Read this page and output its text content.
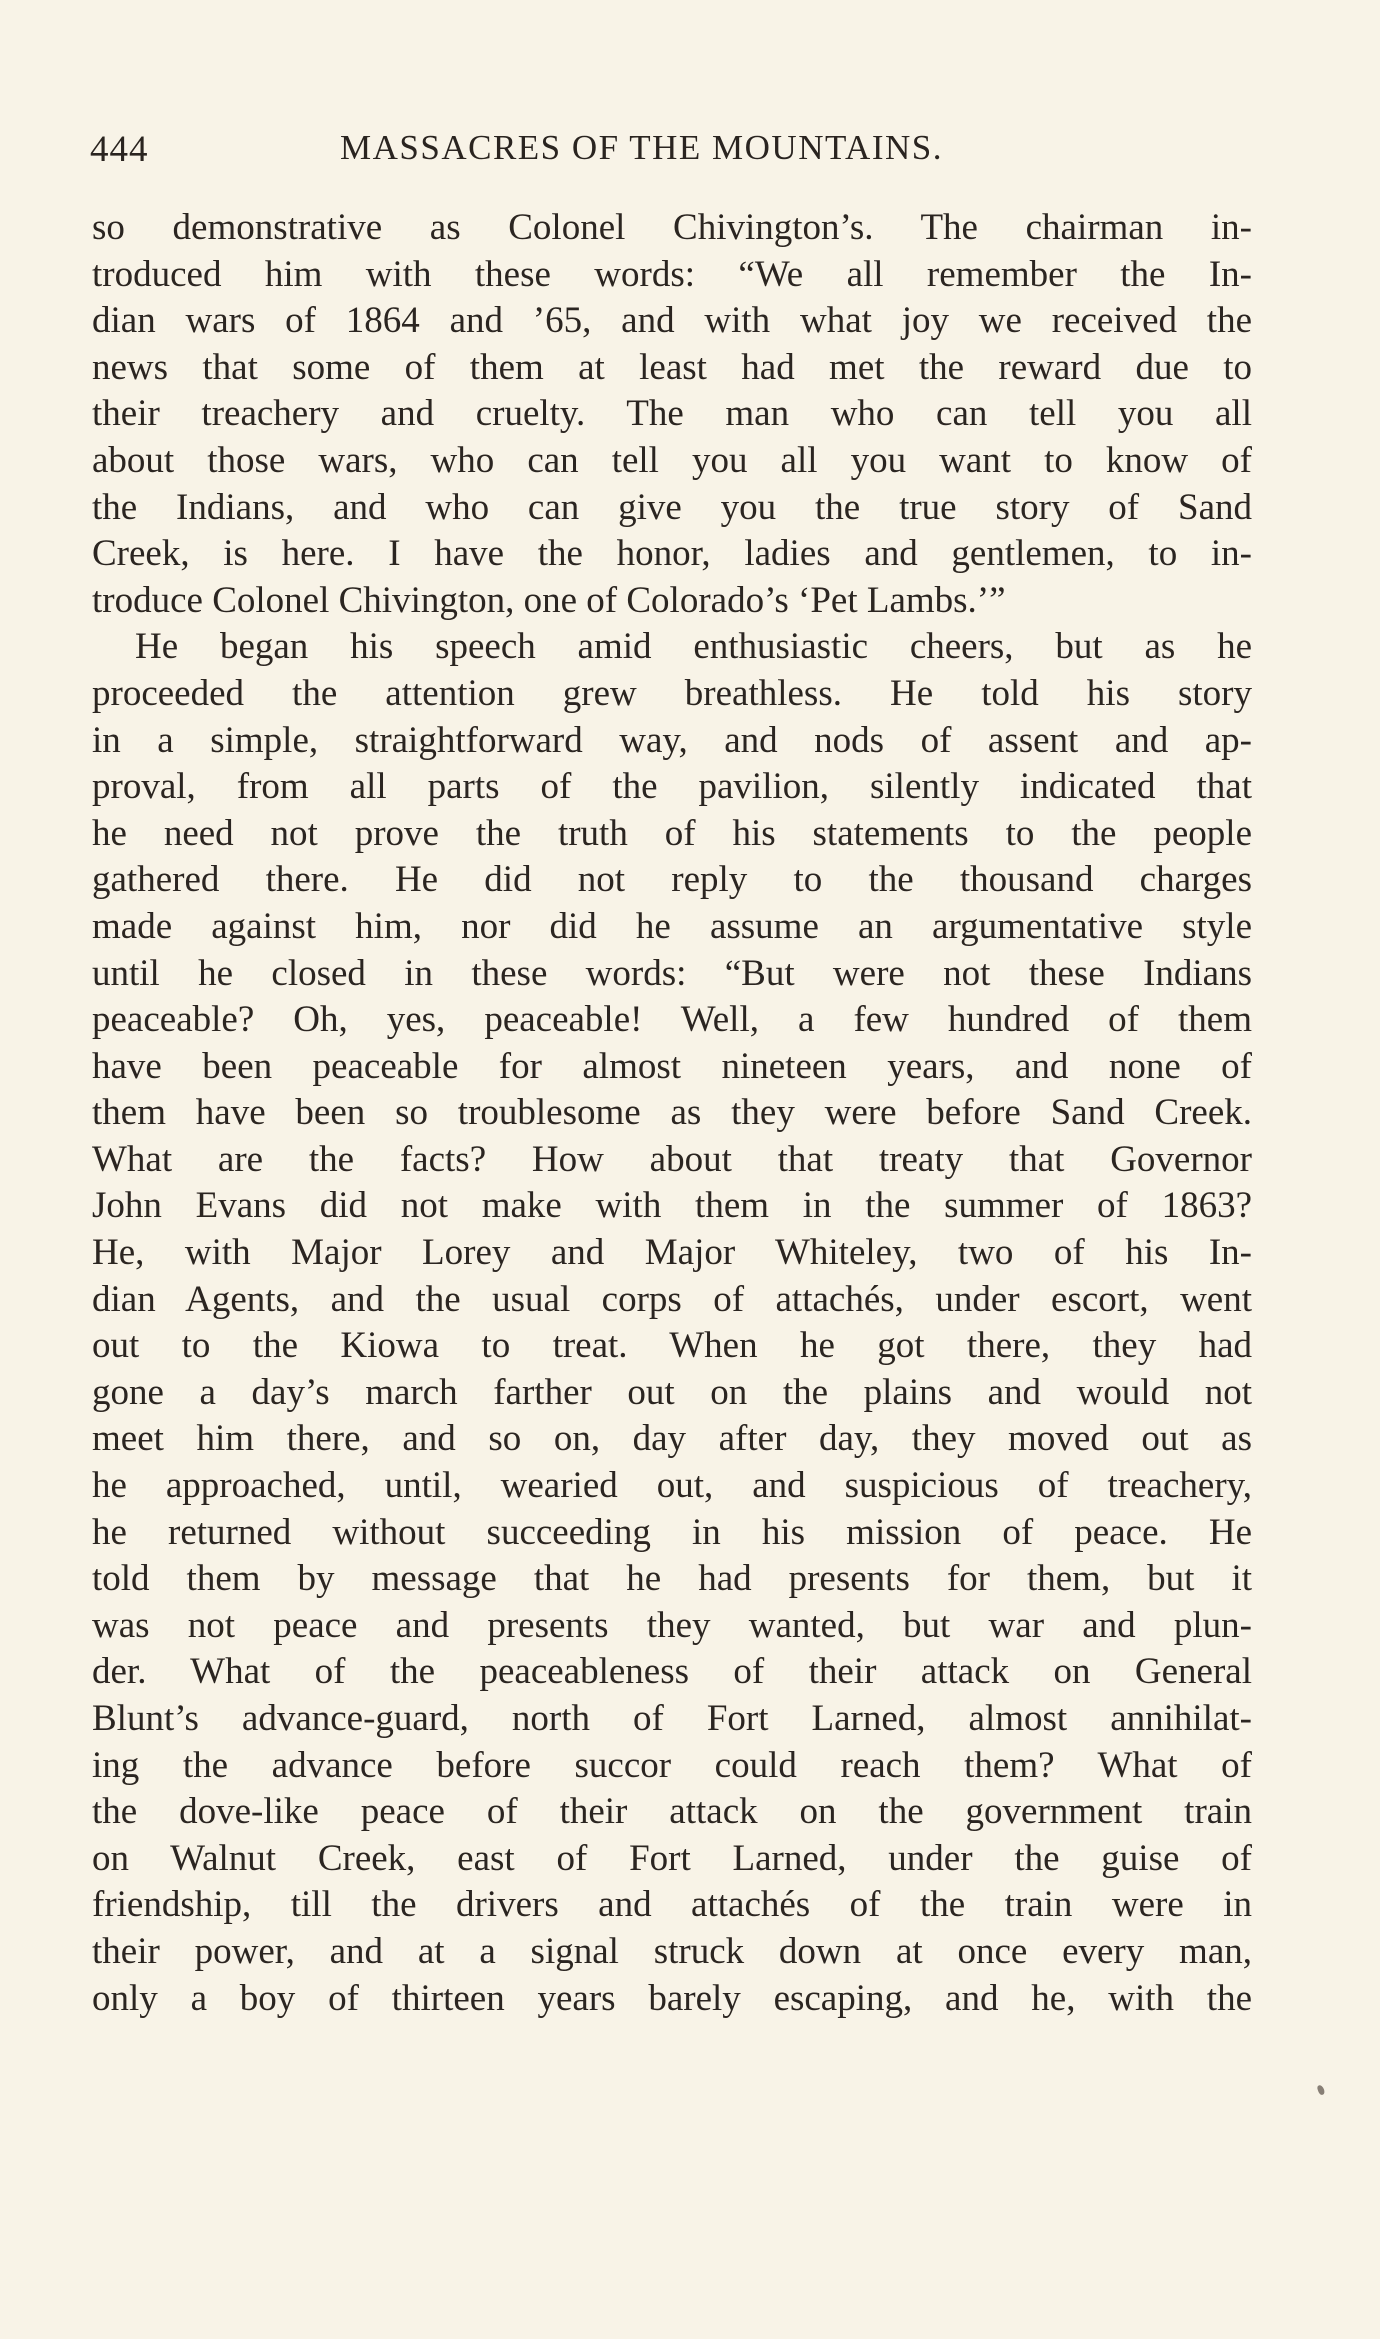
444	MASSACRES OF THE MOUNTAINS.
so demonstrative as Colonel Chivington’s. The chairman in-
troduced him with these words: “We all remember the In-
dian wars of 1864 and ’65, and with what joy we received the
news that some of them at least had met the reward due to
their treachery and cruelty. The man who can tell you all
about those wars, who can tell you all you want to know of
the Indians, and who can give you the true story of Sand
Creek, is here. I have the honor, ladies and gentlemen, to in-
troduce Colonel Chivington, one of Colorado’s ‘Pet Lambs.’”
He began his speech amid enthusiastic cheers, but as he
proceeded the attention grew breathless. He told his story
in a simple, straightforward way, and nods of assent and ap-
proval, from all parts of the pavilion, silently indicated that
he need not prove the truth of his statements to the people
gathered there. He did not reply to the thousand charges
made against him, nor did he assume an argumentative style
until he closed in these words: “But were not these Indians
peaceable? Oh, yes, peaceable! Well, a few hundred of them
have been peaceable for almost nineteen years, and none of
them have been so troublesome as they were before Sand Creek.
What are the facts? How about that treaty that Governor
John Evans did not make with them in the summer of 1863?
He, with Major Lorey and Major Whiteley, two of his In-
dian Agents, and the usual corps of attachés, under escort, went
out to the Kiowa to treat. When he got there, they had
gone a day’s march farther out on the plains and would not
meet him there, and so on, day after day, they moved out as
he approached, until, wearied out, and suspicious of treachery,
he returned without succeeding in his mission of peace. He
told them by message that he had presents for them, but it
was not peace and presents they wanted, but war and plun-
der. What of the peaceableness of their attack on General
Blunt’s advance-guard, north of Fort Larned, almost annihilat-
ing the advance before succor could reach them? What of
the dove-like peace of their attack on the government train
on Walnut Creek, east of Fort Larned, under the guise of
friendship, till the drivers and attachés of the train were in
their power, and at a signal struck down at once every man,
only a boy of thirteen years barely escaping, and he, with the
